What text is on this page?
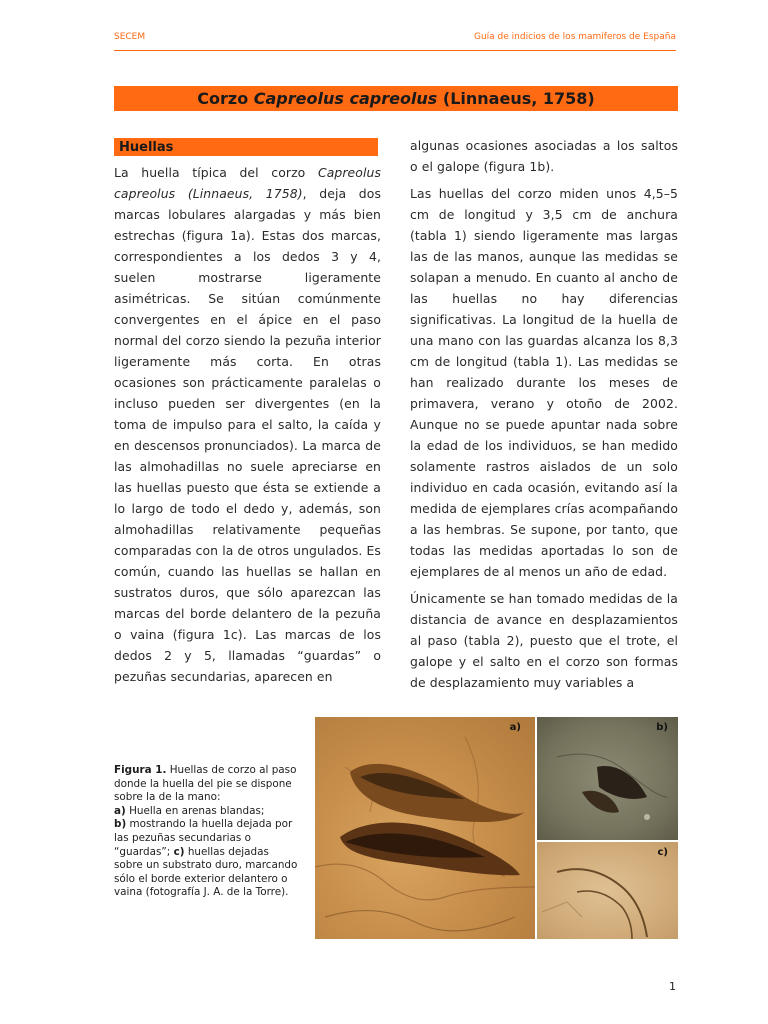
SECEM	Guía de indicios de los mamíferos de España
Corzo
Capreolus capreolus
(Linnaeus, 1758)
Huellas

La huella típica del corzo Capreolus capreolus (Linnaeus, 1758), deja dos marcas lobulares alargadas y más bien estrechas (figura 1a). Estas dos marcas, correspondientes a los dedos 3 y 4, suelen mostrarse ligeramente asimétricas. Se sitúan comúnmente convergentes en el ápice en el paso normal del corzo siendo la pezuña interior ligeramente más corta. En otras ocasiones son prácticamente paralelas o incluso pueden ser divergentes (en la toma de impulso para el salto, la caída y en descensos pronunciados). La marca de las almohadillas no suele apreciarse en las huellas puesto que ésta se extiende a lo largo de todo el dedo y, además, son almohadillas relativamente pequeñas comparadas con la de otros ungulados. Es común, cuando las huellas se hallan en sustratos duros, que sólo aparezcan las marcas del borde delantero de la pezuña o vaina (figura 1c). Las marcas de los dedos 2 y 5, llamadas “guardas” o pezuñas secundarias, aparecen en

algunas ocasiones asociadas a los saltos o el galope (figura 1b).

Las huellas del corzo miden unos 4,5–5 cm de longitud y 3,5 cm de anchura (tabla 1) siendo ligeramente mas largas las de las manos, aunque las medidas se solapan a menudo. En cuanto al ancho de las huellas no hay diferencias significativas. La longitud de la huella de una mano con las guardas alcanza los 8,3 cm de longitud (tabla 1). Las medidas se han realizado durante los meses de primavera, verano y otoño de 2002. Aunque no se puede apuntar nada sobre la edad de los individuos, se han medido solamente rastros aislados de un solo individuo en cada ocasión, evitando así la medida de ejemplares crías acompañando a las hembras. Se supone, por tanto, que todas las medidas aportadas lo son de ejemplares de al menos un año de edad.

Únicamente se han tomado medidas de la distancia de avance en desplazamientos al paso (tabla 2), puesto que el trote, el galope y el salto en el corzo son formas de desplazamiento muy variables a

Figura 1. Huellas de corzo al paso donde la huella del pie se dispone sobre la de la mano:
a) Huella en arenas blandas;
b) mostrando la huella dejada por las pezuñas secundarias o “guardas”; c) huellas dejadas sobre un substrato duro, marcando sólo el borde exterior delantero o vaina (fotografía J. A. de la Torre).
a)	b)
c)
1
